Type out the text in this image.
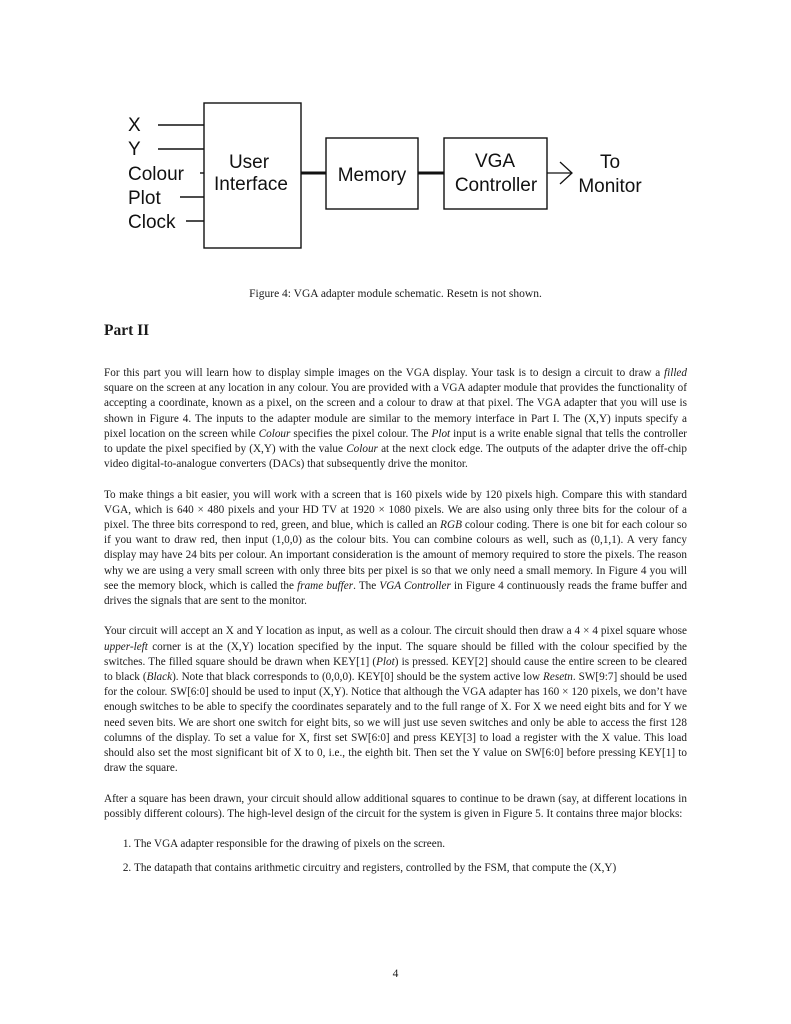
X
Y
Colour
Plot
Clock
User
Interface	Memory
VGA
Controller
To
Monitor
Figure 4: VGA adapter module schematic. Resetn is not shown.
Part II

For this part you will learn how to display simple images on the VGA display. Your task is to design a circuit to draw a filled square on the screen at any location in any colour. You are provided with a VGA adapter module that provides the functionality of accepting a coordinate, known as a pixel, on the screen and a colour to draw at that pixel. The VGA adapter that you will use is shown in Figure 4. The inputs to the adapter module are similar to the memory interface in Part I. The (X,Y) inputs specify a pixel location on the screen while Colour specifies the pixel colour. The Plot input is a write enable signal that tells the controller to update the pixel specified by (X,Y) with the value Colour at the next clock edge. The outputs of the adapter drive the off-chip video digital-to-analogue converters (DACs) that subsequently drive the monitor.

To make things a bit easier, you will work with a screen that is 160 pixels wide by 120 pixels high. Compare this with standard VGA, which is 640 × 480 pixels and your HD TV at 1920 × 1080 pixels. We are also using only three bits for the colour of a pixel. The three bits correspond to red, green, and blue, which is called an RGB colour coding. There is one bit for each colour so if you want to draw red, then input (1,0,0) as the colour bits. You can combine colours as well, such as (0,1,1). A very fancy display may have 24 bits per colour. An important consideration is the amount of memory required to store the pixels. The reason why we are using a very small screen with only three bits per pixel is so that we only need a small memory. In Figure 4 you will see the memory block, which is called the frame buffer. The VGA Controller in Figure 4 continuously reads the frame buffer and drives the signals that are sent to the monitor.

Your circuit will accept an X and Y location as input, as well as a colour. The circuit should then draw a 4 × 4 pixel square whose upper-left corner is at the (X,Y) location specified by the input. The square should be filled with the colour specified by the switches. The filled square should be drawn when KEY[1] (Plot) is pressed. KEY[2] should cause the entire screen to be cleared to black (Black). Note that black corresponds to (0,0,0). KEY[0] should be the system active low Resetn. SW[9:7] should be used for the colour. SW[6:0] should be used to input (X,Y). Notice that although the VGA adapter has 160 × 120 pixels, we don’t have enough switches to be able to specify the coordinates separately and to the full range of X. For X we need eight bits and for Y we need seven bits. We are short one switch for eight bits, so we will just use seven switches and only be able to access the first 128 columns of the display. To set a value for X, first set SW[6:0] and press KEY[3] to load a register with the X value. This load should also set the most significant bit of X to 0, i.e., the eighth bit. Then set the Y value on SW[6:0] before pressing KEY[1] to draw the square.

After a square has been drawn, your circuit should allow additional squares to continue to be drawn (say, at different locations in possibly different colours). The high-level design of the circuit for the system is given in Figure 5. It contains three major blocks:

1. The VGA adapter responsible for the drawing of pixels on the screen.
2. The datapath that contains arithmetic circuitry and registers, controlled by the FSM, that compute the (X,Y)
4
